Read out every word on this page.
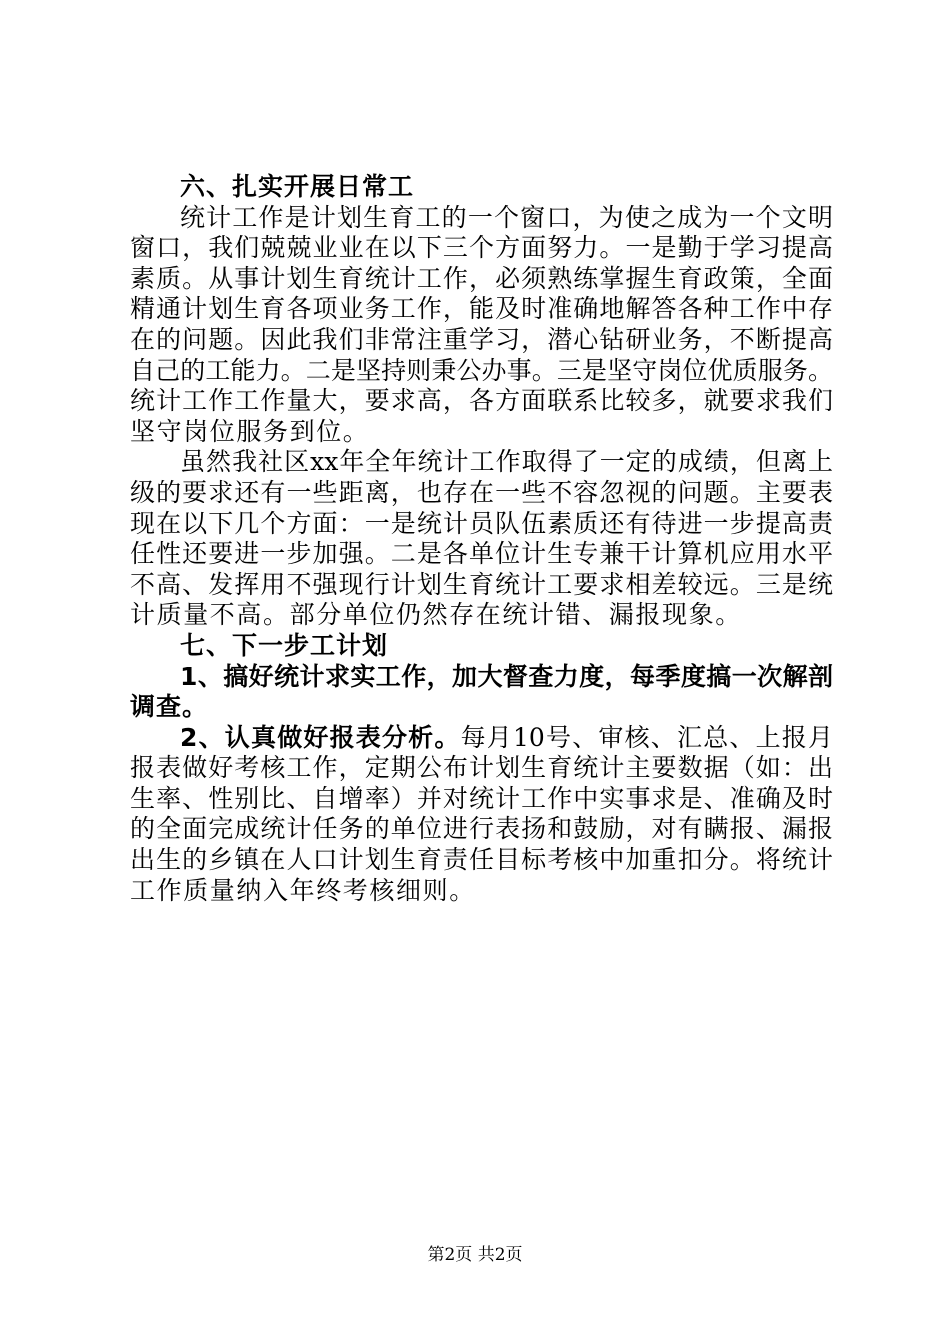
六、扎实开展日常工
统计工作是计划生育工的一个窗口，为使之成为一个文明
窗口，我们兢兢业业在以下三个方面努力。一是勤于学习提高
素质。从事计划生育统计工作，必须熟练掌握生育政策，全面
精通计划生育各项业务工作，能及时准确地解答各种工作中存
在的问题。因此我们非常注重学习，潜心钻研业务，不断提高
自己的工能力。二是坚持则秉公办事。三是坚守岗位优质服务。
统计工作工作量大，要求高，各方面联系比较多，就要求我们
坚守岗位服务到位。
虽然我社区xx年全年统计工作取得了一定的成绩，但离上
级的要求还有一些距离，也存在一些不容忽视的问题。主要表
现在以下几个方面：一是统计员队伍素质还有待进一步提高责
任性还要进一步加强。二是各单位计生专兼干计算机应用水平
不高、发挥用不强现行计划生育统计工要求相差较远。三是统
计质量不高。部分单位仍然存在统计错、漏报现象。
七、下一步工计划
1、搞好统计求实工作，加大督查力度，每季度搞一次解剖
调查。
2、认真做好报表分析。每月10号、审核、汇总、上报月
报表做好考核工作，定期公布计划生育统计主要数据（如：出
生率、性别比、自增率）并对统计工作中实事求是、准确及时
的全面完成统计任务的单位进行表扬和鼓励，对有瞒报、漏报
出生的乡镇在人口计划生育责任目标考核中加重扣分。将统计
工作质量纳入年终考核细则。
第2页 共2页
